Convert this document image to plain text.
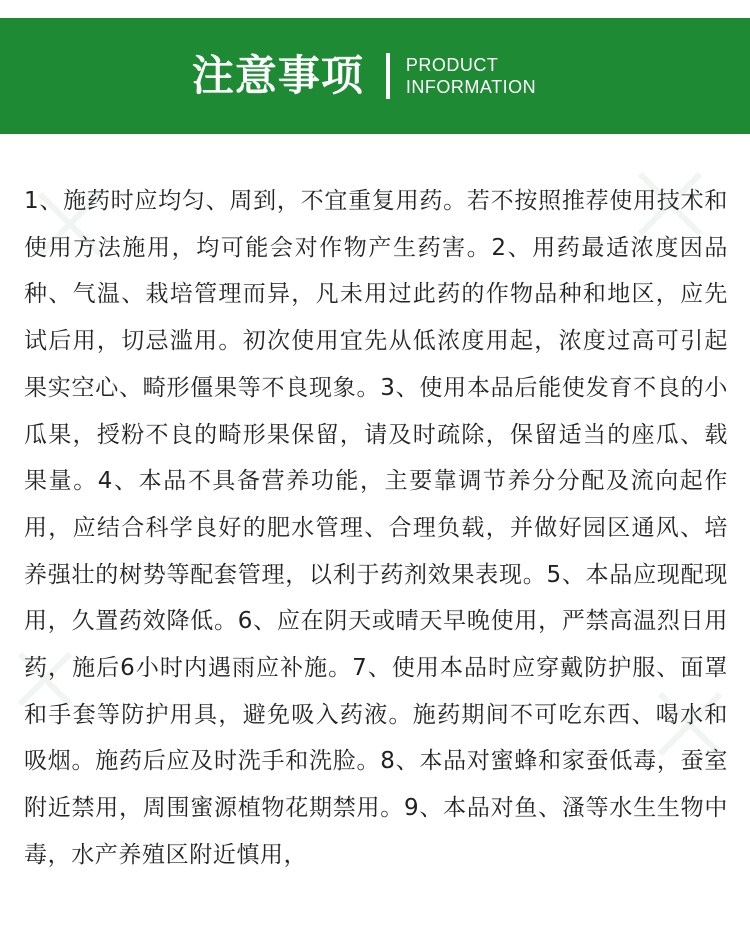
注意事项 PRODUCT
INFORMATION

1、施药时应均匀、周到，不宜重复用药。若不按照推荐使用技术和使用方法施用，均可能会对作物产生药害。2、用药最适浓度因品种、气温、栽培管理而异，凡未用过此药的作物品种和地区，应先试后用，切忌滥用。初次使用宜先从低浓度用起，浓度过高可引起果实空心、畸形僵果等不良现象。3、使用本品后能使发育不良的小瓜果，授粉不良的畸形果保留，请及时疏除，保留适当的座瓜、载果量。4、本品不具备营养功能，主要靠调节养分分配及流向起作用，应结合科学良好的肥水管理、合理负载，并做好园区通风、培养强壮的树势等配套管理，以利于药剂效果表现。5、本品应现配现用，久置药效降低。6、应在阴天或晴天早晚使用，严禁高温烈日用药，施后6小时内遇雨应补施。7、使用本品时应穿戴防护服、面罩和手套等防护用具，避免吸入药液。施药期间不可吃东西、喝水和吸烟。施药后应及时洗手和洗脸。8、本品对蜜蜂和家蚕低毒，蚕室附近禁用，周围蜜源植物花期禁用。9、本品对鱼、溞等水生生物中毒，水产养殖区附近慎用，
